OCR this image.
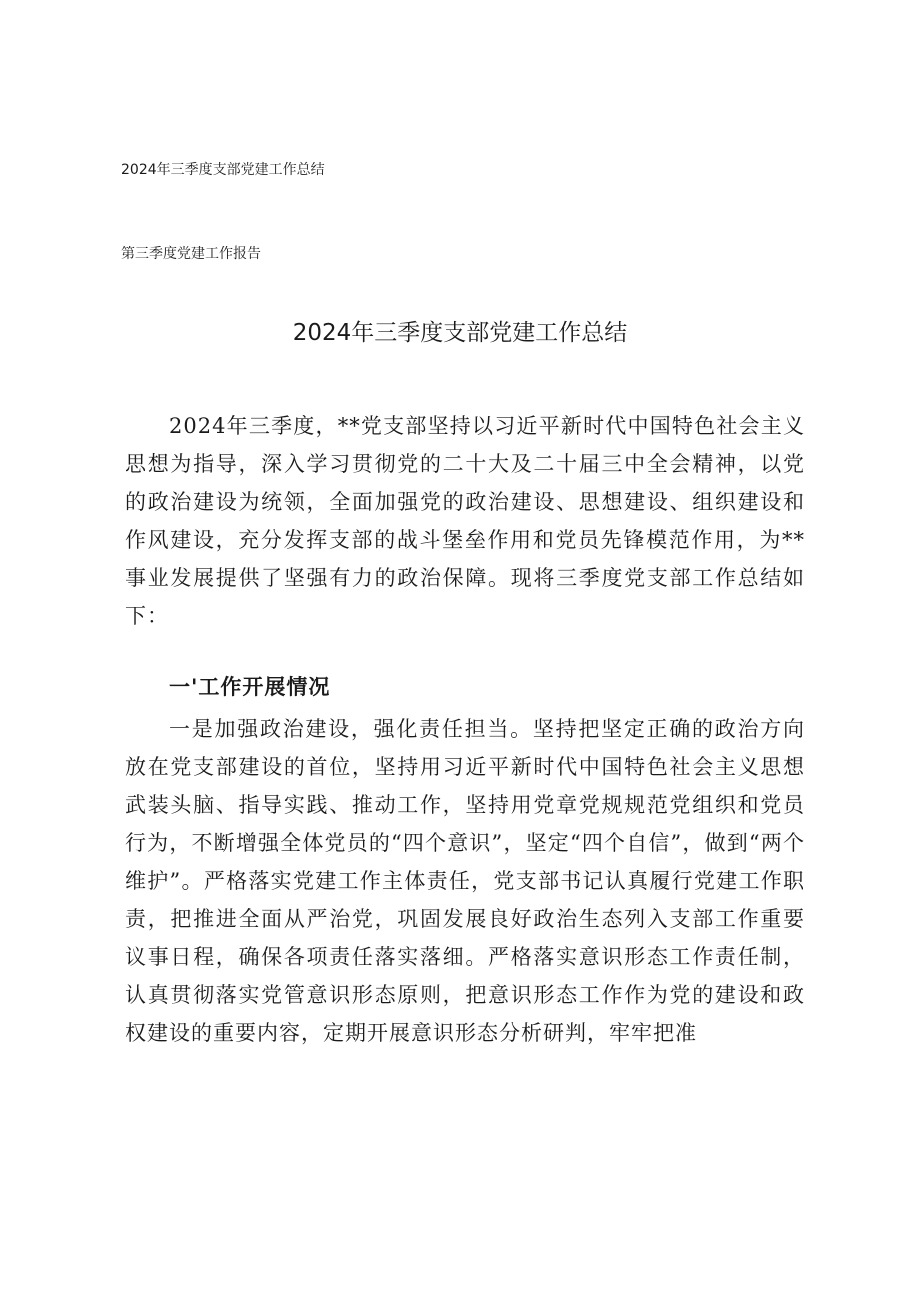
2024年三季度支部党建工作总结
第三季度党建工作报告
2024年三季度支部党建工作总结

2024年三季度，**党支部坚持以习近平新时代中国特色社会主义思想为指导，深入学习贯彻党的二十大及二十届三中全会精神，以党的政治建设为统领，全面加强党的政治建设、思想建设、组织建设和作风建设，充分发挥支部的战斗堡垒作用和党员先锋模范作用，为**事业发展提供了坚强有力的政治保障。现将三季度党支部工作总结如下：

一'工作开展情况

一是加强政治建设，强化责任担当。坚持把坚定正确的政治方向放在党支部建设的首位，坚持用习近平新时代中国特色社会主义思想武装头脑、指导实践、推动工作，坚持用党章党规规范党组织和党员行为，不断增强全体党员的“四个意识”，坚定“四个自信”，做到“两个维护”。严格落实党建工作主体责任，党支部书记认真履行党建工作职责，把推进全面从严治党，巩固发展良好政治生态列入支部工作重要议事日程，确保各项责任落实落细。严格落实意识形态工作责任制，认真贯彻落实党管意识形态原则，把意识形态工作作为党的建设和政权建设的重要内容，定期开展意识形态分析研判，牢牢把准
